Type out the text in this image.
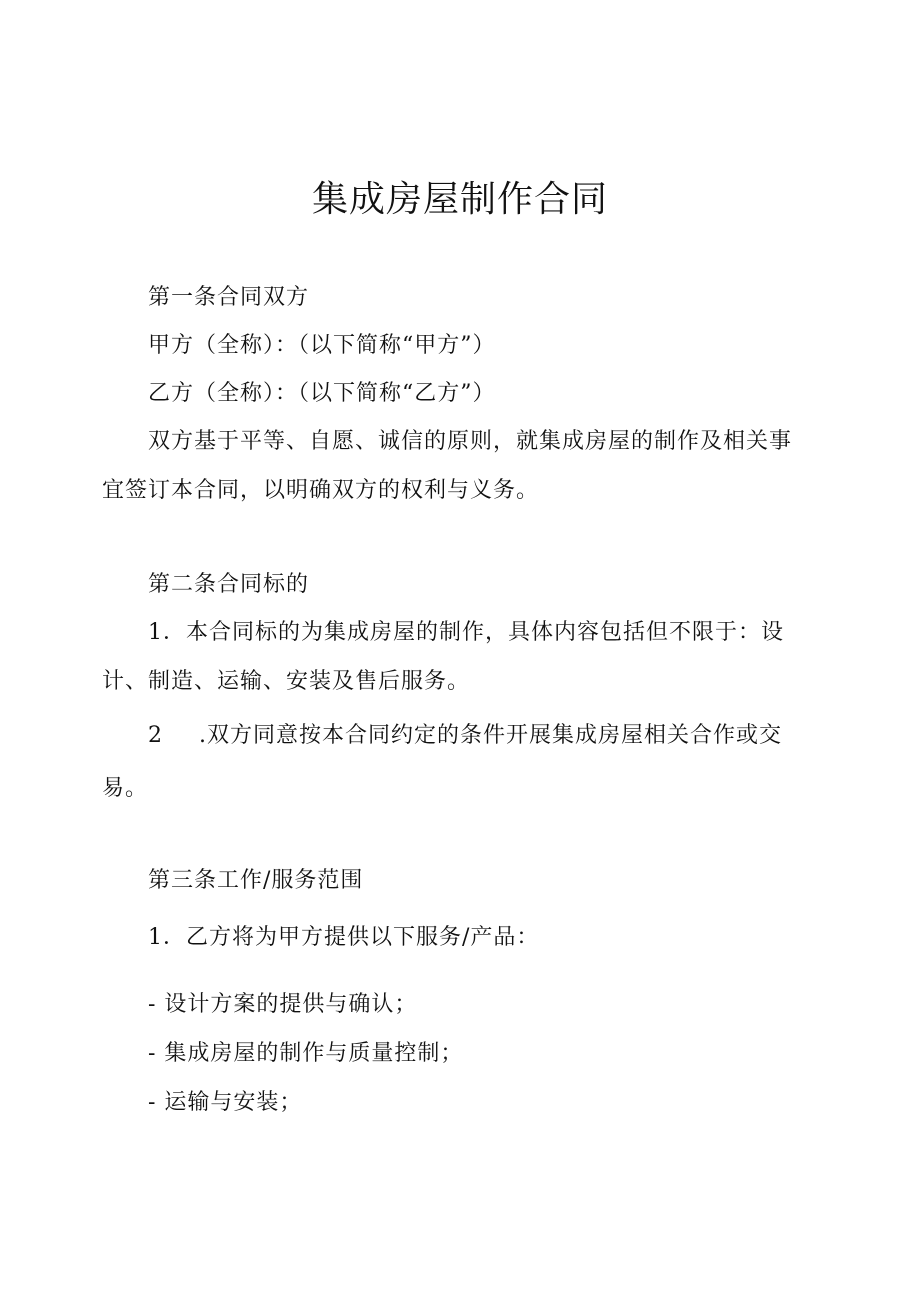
集成房屋制作合同
第一条合同双方
甲方（全称）：（以下简称“甲方”）
乙方（全称）：（以下简称“乙方”）
双方基于平等、自愿、诚信的原则，就集成房屋的制作及相关事
宜签订本合同，以明确双方的权利与义务。
第二条合同标的
1．本合同标的为集成房屋的制作，具体内容包括但不限于：设
计、制造、运输、安装及售后服务。
2 .双方同意按本合同约定的条件开展集成房屋相关合作或交
易。
第三条工作/服务范围
1．乙方将为甲方提供以下服务/产品：
- 设计方案的提供与确认；
- 集成房屋的制作与质量控制；
- 运输与安装；
